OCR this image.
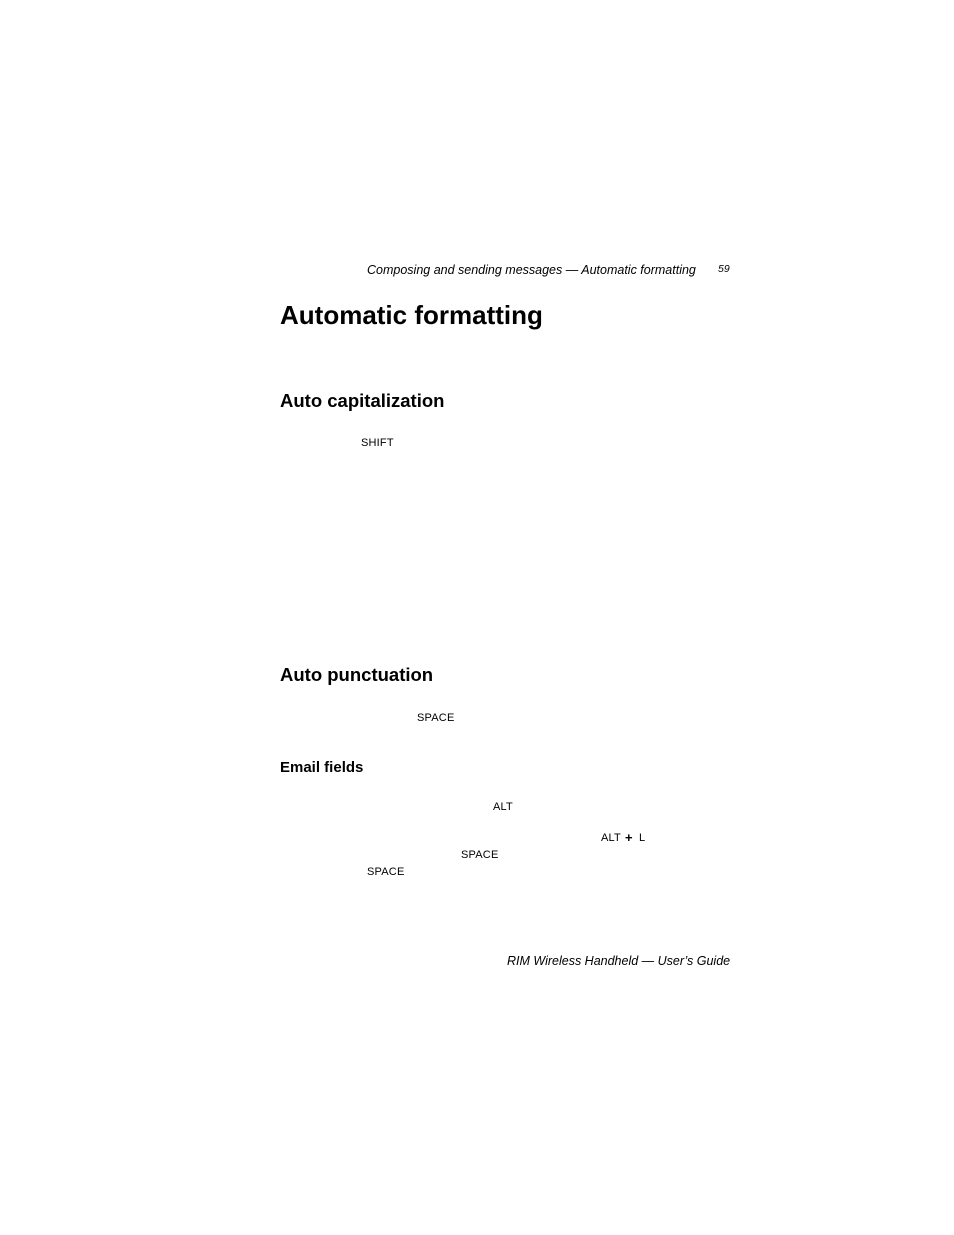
Composing and sending messages — Automatic formatting 59
Automatic formatting
Auto capitalization
SHIFT
Auto punctuation
SPACE
Email fields
ALT
ALT + L
SPACE
SPACE
RIM Wireless Handheld — User’s Guide
